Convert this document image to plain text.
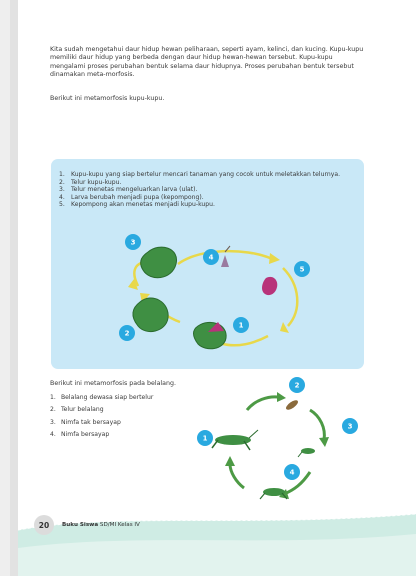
Kita sudah mengetahui daur hidup hewan peliharaan, seperti ayam, kelinci, dan kucing. Kupu-kupu memiliki daur hidup yang berbeda dengan daur hidup hewan-hewan tersebut. Kupu-kupu mengalami proses perubahan bentuk selama daur hidupnya. Proses perubahan bentuk tersebut dinamakan meta-morfosis.
Berikut ini metamorfosis kupu-kupu.
1. Kupu-kupu yang siap bertelur mencari tanaman yang cocok untuk meletakkan telurnya.
2. Telur kupu-kupu.
3. Telur menetas mengeluarkan larva (ulat).
4. Larva berubah menjadi pupa (kepompong).
5. Kepompong akan menetas menjadi kupu-kupu.
1
2
3
4
5
Berikut ini metamorfosis pada belalang.
1. Belalang dewasa siap bertelur
2. Telur belalang
3. Nimfa tak bersayap
4. Nimfa bersayap	1
2
3
4
20	Buku Siswa SD/MI Kelas IV
